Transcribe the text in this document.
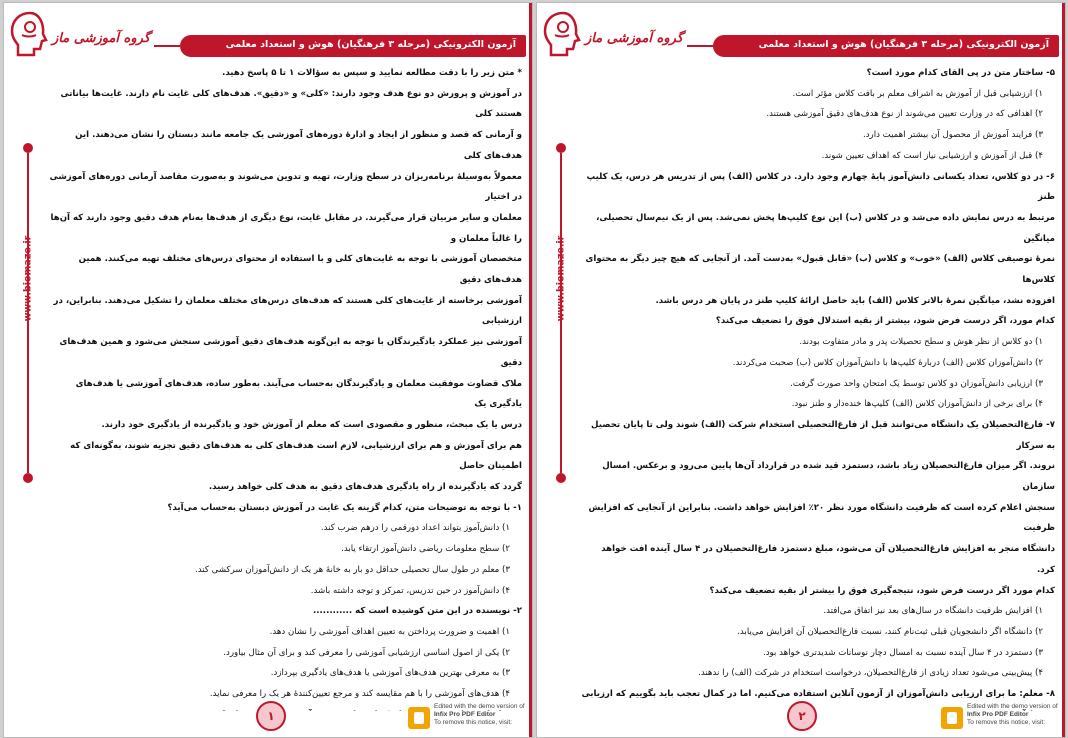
گروه آموزشی ماز	آزمون الکترونیکی (مرحله ۳ فرهنگیان) هوش و استعداد معلمی
www.biomaze.ir

* متن زیر را با دقت مطالعه نمایید و سپس به سؤالات ۱ تا ۵ پاسخ دهید.

در آموزش و پرورش دو نوع هدف وجود دارند: «کلی» و «دقیق». هدف‌های کلی غایت نام دارند. غایت‌ها بیاناتی هستند کلی

و آرمانی که قصد و منظور از ایجاد و ادارهٔ دوره‌های آموزشی یک جامعه مانند دبستان را نشان می‌دهند. این هدف‌های کلی

معمولاً به‌وسیلهٔ برنامه‌ریزان در سطح وزارت، تهیه و تدوین می‌شوند و به‌صورت مقاصد آرمانی دوره‌های آموزشی در اختیار

معلمان و سایر مربیان قرار می‌گیرند. در مقابل غایت، نوع دیگری از هدف‌ها به‌نام هدف دقیق وجود دارند که آن‌ها را غالباً معلمان و

متخصصان آموزشی با توجه به غایت‌های کلی و با استفاده از محتوای درس‌های مختلف تهیه می‌کنند. همین هدف‌های دقیق

آموزشی برخاسته از غایت‌های کلی هستند که هدف‌های درس‌های مختلف معلمان را تشکیل می‌دهند. بنابراین، در ارزشیابی

آموزشی نیز عملکرد یادگیرندگان با توجه به این‌گونه هدف‌های دقیق آموزشی سنجش می‌شود و همین هدف‌های دقیق

ملاک قضاوت موفقیت معلمان و یادگیرندگان به‌حساب می‌آیند. به‌طور ساده، هدف‌های آموزشی یا هدف‌های یادگیری یک

درس یا یک مبحث، منظور و مقصودی است که معلم از آموزش خود و یادگیرنده از یادگیری خود دارند.

هم برای آموزش و هم برای ارزشیابی، لازم است هدف‌های کلی به هدف‌های دقیق تجزیه شوند، به‌گونه‌ای که اطمینان حاصل

گردد که یادگیرنده از راه یادگیری هدف‌های دقیق به هدف کلی خواهد رسید.

۱- با توجه به توضیحات متن، کدام گزینه یک غایت در آموزش دبستان به‌حساب می‌آید؟

۱) دانش‌آموز بتواند اعداد دورقمی را درهم ضرب کند.

۲) سطح معلومات ریاضی دانش‌آموز ارتقاء یابد.

۳) معلم در طول سال تحصیلی حداقل دو بار به خانهٔ هر یک از دانش‌آموزان سرکشی کند.

۴) دانش‌آموز در حین تدریس، تمرکز و توجه داشته باشد.

۲- نویسنده در این متن کوشیده است که ............

۱) اهمیت و ضرورت پرداختن به تعیین اهداف آموزشی را نشان دهد.

۲) یکی از اصول اساسی ارزشیابی آموزشی را معرفی کند و برای آن مثال بیاورد.

۳) به معرفی بهترین هدف‌های آموزشی یا هدف‌های یادگیری بپردازد.

۴) هدف‌های آموزشی را با هم مقایسه کند و مرجع تعیین‌کنندهٔ هر یک را معرفی نماید.

۱
Edited with the demo version of
Infix Pro PDF Editor
To remove this notice, visit:
گروه آموزشی ماز	آزمون الکترونیکی (مرحله ۳ فرهنگیان) هوش و استعداد معلمی
www.biomaze.ir

۵- ساختار متن در پی القای کدام مورد است؟

۱) ارزشیابی قبل از آموزش به اشراف معلم بر بافت کلاس مؤثر است.

۲) اهدافی که در وزارت تعیین می‌شوند از نوع هدف‌های دقیق آموزشی هستند.

۳) فرایند آموزش از محصول آن بیشتر اهمیت دارد.

۴) قبل از آموزش و ارزشیابی نیاز است که اهداف تعیین شوند.

۶- در دو کلاس، تعداد یکسانی دانش‌آموز پایهٔ چهارم وجود دارد. در کلاس (الف) پس از تدریس هر درس، یک کلیپ طنز

مرتبط به درس نمایش داده می‌شد و در کلاس (ب) این نوع کلیپ‌ها پخش نمی‌شد. پس از یک نیم‌سال تحصیلی، میانگین

نمرهٔ توصیفی کلاس (الف) «خوب» و کلاس (ب) «قابل قبول» به‌دست آمد. از آنجایی که هیچ چیز دیگر به محتوای کلاس‌ها

افزوده نشد، میانگین نمرهٔ بالاتر کلاس (الف) باید حاصل ارائهٔ کلیپ طنز در پایان هر درس باشد.

کدام مورد، اگر درست فرض شود، بیشتر از بقیه استدلال فوق را تضعیف می‌کند؟

۱) دو کلاس از نظر هوش و سطح تحصیلات پدر و مادر متفاوت بودند.

۲) دانش‌آموزان کلاس (الف) دربارهٔ کلیپ‌ها با دانش‌آموزان کلاس (ب) صحبت می‌کردند.

۳) ارزیابی دانش‌آموزان دو کلاس توسط یک امتحان واحد صورت گرفت.

۴) برای برخی از دانش‌آموزان کلاس (الف) کلیپ‌ها خنده‌دار و طنز نبود.

۷- فارغ‌التحصیلان یک دانشگاه می‌توانند قبل از فارغ‌التحصیلی استخدام شرکت (الف) شوند ولی تا پایان تحصیل به سرکار

نروند. اگر میزان فارغ‌التحصیلان زیاد باشد، دستمزد قید شده در قرارداد آن‌ها پایین می‌رود و برعکس. امسال سازمان

سنجش اعلام کرده است که ظرفیت دانشگاه مورد نظر ۲۰٪ افزایش خواهد داشت. بنابراین از آنجایی که افزایش ظرفیت

دانشگاه منجر به افزایش فارغ‌التحصیلان آن می‌شود، مبلغ دستمزد فارغ‌التحصیلان در ۴ سال آینده افت خواهد کرد.

کدام مورد اگر درست فرض شود، نتیجه‌گیری فوق را بیشتر از بقیه تضعیف می‌کند؟

۱) افزایش ظرفیت دانشگاه در سال‌های بعد نیز اتفاق می‌افتد.

۲) دانشگاه اگر دانشجویان قبلی ثبت‌نام کنند، نسبت فارغ‌التحصیلان آن افزایش می‌یابد.

۳) دستمزد در ۴ سال آینده نسبت به امسال دچار نوسانات شدیدتری خواهد بود.

۴) پیش‌بینی می‌شود تعداد زیادی از فارغ‌التحصیلان، درخواست استخدام در شرکت (الف) را ندهند.

۸- معلم: ما برای ارزیابی دانش‌آموزان از آزمون آنلاین استفاده می‌کنیم. اما در کمال تعجب باید بگوییم که ارزیابی

۲
Edited with the demo version of
Infix Pro PDF Editor
To remove this notice, visit:
